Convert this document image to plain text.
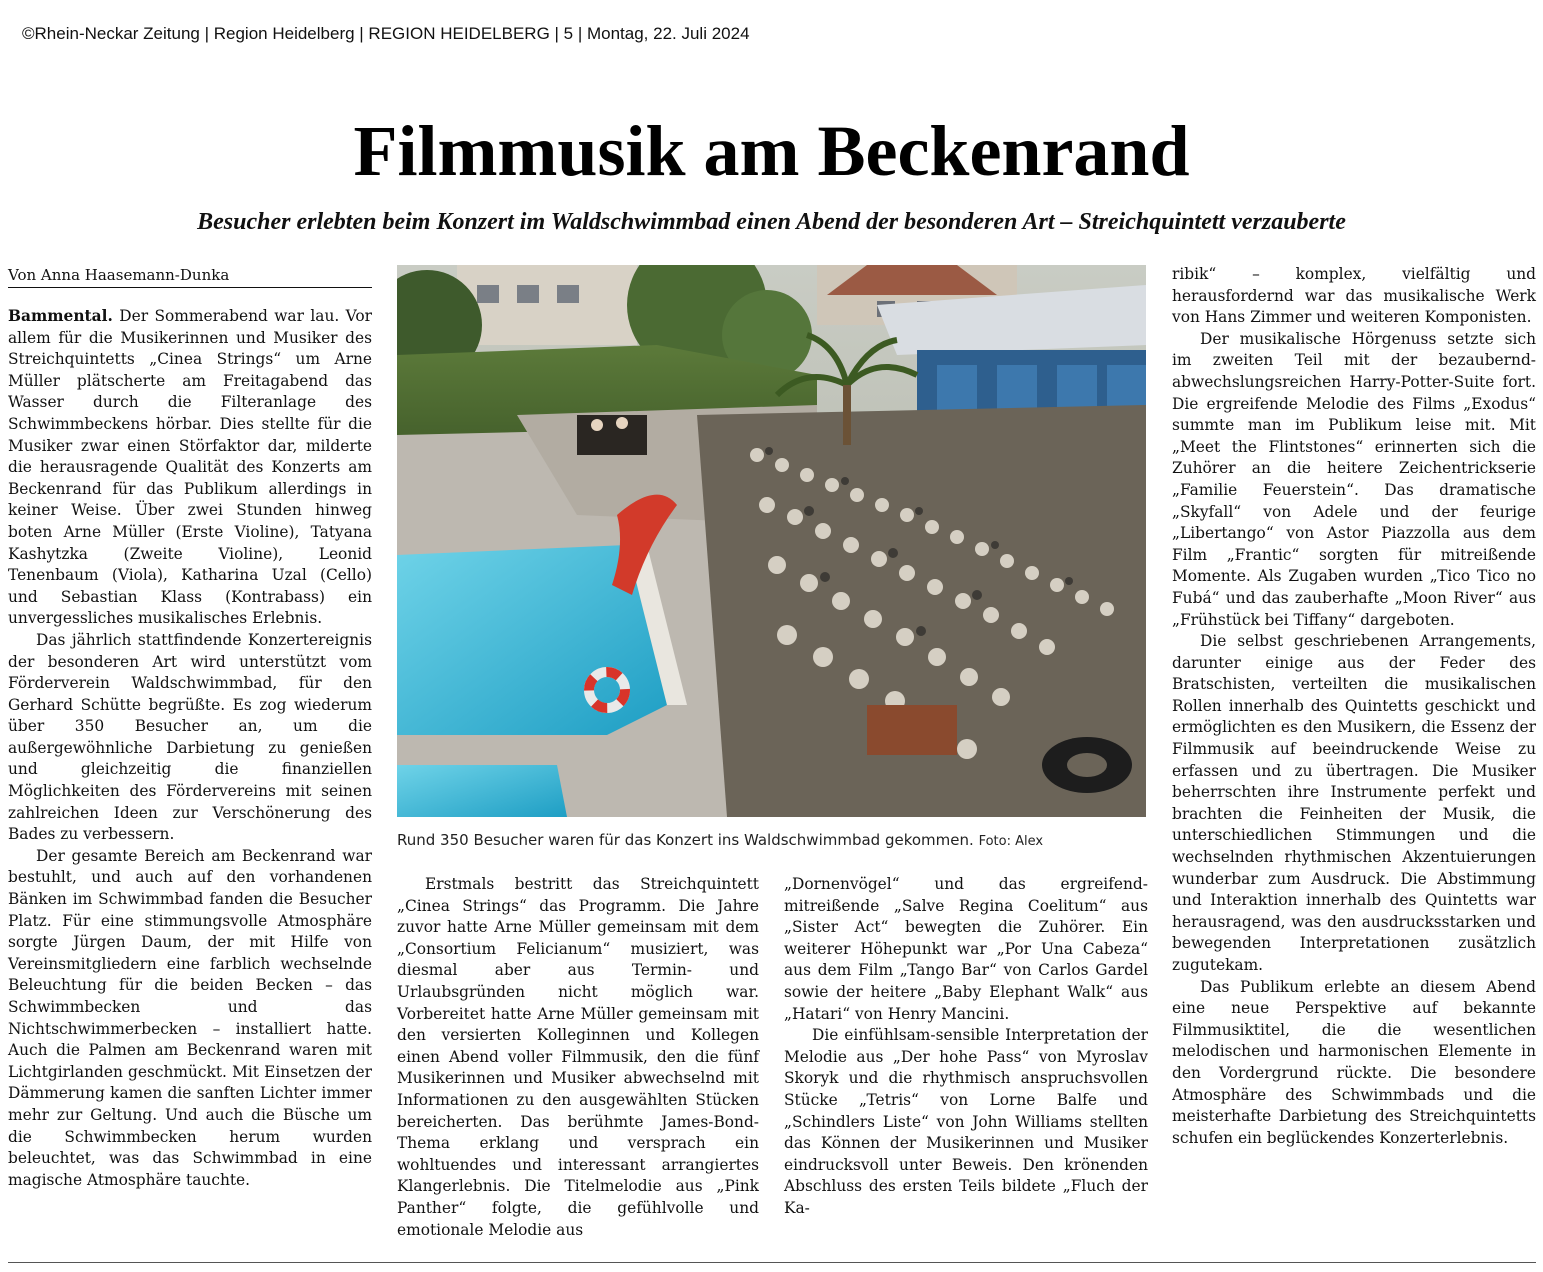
©Rhein-Neckar Zeitung | Region Heidelberg | REGION HEIDELBERG | 5 | Montag, 22. Juli 2024
Filmmusik am Beckenrand
Besucher erlebten beim Konzert im Waldschwimmbad einen Abend der besonderen Art – Streichquintett verzauberte
Von Anna Haasemann-Dunka

Bammental. Der Sommerabend war lau. Vor allem für die Musikerinnen und Musiker des Streichquintetts „Cinea Strings“ um Arne Müller plätscherte am Freitagabend das Wasser durch die Filteranlage des Schwimmbeckens hörbar. Dies stellte für die Musiker zwar einen Störfaktor dar, milderte die herausragende Qualität des Konzerts am Beckenrand für das Publikum allerdings in keiner Weise. Über zwei Stunden hinweg boten Arne Müller (Erste Violine), Tatyana Kashytzka (Zweite Violine), Leonid Tenenbaum (Viola), Katharina Uzal (Cello) und Sebastian Klass (Kontrabass) ein unvergessliches musikalisches Erlebnis.

Das jährlich stattfindende Konzertereignis der besonderen Art wird unterstützt vom Förderverein Waldschwimmbad, für den Gerhard Schütte begrüßte. Es zog wiederum über 350 Besucher an, um die außergewöhnliche Darbietung zu genießen und gleichzeitig die finanziellen Möglichkeiten des Fördervereins mit seinen zahlreichen Ideen zur Verschönerung des Bades zu verbessern.

Der gesamte Bereich am Beckenrand war bestuhlt, und auch auf den vorhandenen Bänken im Schwimmbad fanden die Besucher Platz. Für eine stimmungsvolle Atmosphäre sorgte Jürgen Daum, der mit Hilfe von Vereinsmitgliedern eine farblich wechselnde Beleuchtung für die beiden Becken – das Schwimmbecken und das Nichtschwimmerbecken – installiert hatte. Auch die Palmen am Beckenrand waren mit Lichtgirlanden geschmückt. Mit Einsetzen der Dämmerung kamen die sanften Lichter immer mehr zur Geltung. Und auch die Büsche um die Schwimmbecken herum wurden beleuchtet, was das Schwimmbad in eine magische Atmosphäre tauchte.

Rund 350 Besucher waren für das Konzert ins Waldschwimmbad gekommen. Foto: Alex

Erstmals bestritt das Streichquintett „Cinea Strings“ das Programm. Die Jahre zuvor hatte Arne Müller gemeinsam mit dem „Consortium Felicianum“ musiziert, was diesmal aber aus Termin- und Urlaubsgründen nicht möglich war. Vorbereitet hatte Arne Müller gemeinsam mit den versierten Kolleginnen und Kollegen einen Abend voller Filmmusik, den die fünf Musikerinnen und Musiker abwechselnd mit Informationen zu den ausgewählten Stücken bereicherten. Das berühmte James-Bond-Thema erklang und versprach ein wohltuendes und interessant arrangiertes Klangerlebnis. Die Titelmelodie aus „Pink Panther“ folgte, die gefühlvolle und emotionale Melodie aus

„Dornenvögel“ und das ergreifend-mitreißende „Salve Regina Coelitum“ aus „Sister Act“ bewegten die Zuhörer. Ein weiterer Höhepunkt war „Por Una Cabeza“ aus dem Film „Tango Bar“ von Carlos Gardel sowie der heitere „Baby Elephant Walk“ aus „Hatari“ von Henry Mancini.

Die einfühlsam-sensible Interpretation der Melodie aus „Der hohe Pass“ von Myroslav Skoryk und die rhythmisch anspruchsvollen Stücke „Tetris“ von Lorne Balfe und „Schindlers Liste“ von John Williams stellten das Können der Musikerinnen und Musiker eindrucksvoll unter Beweis. Den krönenden Abschluss des ersten Teils bildete „Fluch der Ka-

ribik“ – komplex, vielfältig und herausfordernd war das musikalische Werk von Hans Zimmer und weiteren Komponisten.

Der musikalische Hörgenuss setzte sich im zweiten Teil mit der bezaubernd-abwechslungsreichen Harry-Potter-Suite fort. Die ergreifende Melodie des Films „Exodus“ summte man im Publikum leise mit. Mit „Meet the Flintstones“ erinnerten sich die Zuhörer an die heitere Zeichentrickserie „Familie Feuerstein“. Das dramatische „Skyfall“ von Adele und der feurige „Libertango“ von Astor Piazzolla aus dem Film „Frantic“ sorgten für mitreißende Momente. Als Zugaben wurden „Tico Tico no Fubá“ und das zauberhafte „Moon River“ aus „Frühstück bei Tiffany“ dargeboten.

Die selbst geschriebenen Arrangements, darunter einige aus der Feder des Bratschisten, verteilten die musikalischen Rollen innerhalb des Quintetts geschickt und ermöglichten es den Musikern, die Essenz der Filmmusik auf beeindruckende Weise zu erfassen und zu übertragen. Die Musiker beherrschten ihre Instrumente perfekt und brachten die Feinheiten der Musik, die unterschiedlichen Stimmungen und die wechselnden rhythmischen Akzentuierungen wunderbar zum Ausdruck. Die Abstimmung und Interaktion innerhalb des Quintetts war herausragend, was den ausdrucksstarken und bewegenden Interpretationen zusätzlich zugutekam.

Das Publikum erlebte an diesem Abend eine neue Perspektive auf bekannte Filmmusiktitel, die die wesentlichen melodischen und harmonischen Elemente in den Vordergrund rückte. Die besondere Atmosphäre des Schwimmbads und die meisterhafte Darbietung des Streichquintetts schufen ein beglückendes Konzerterlebnis.
